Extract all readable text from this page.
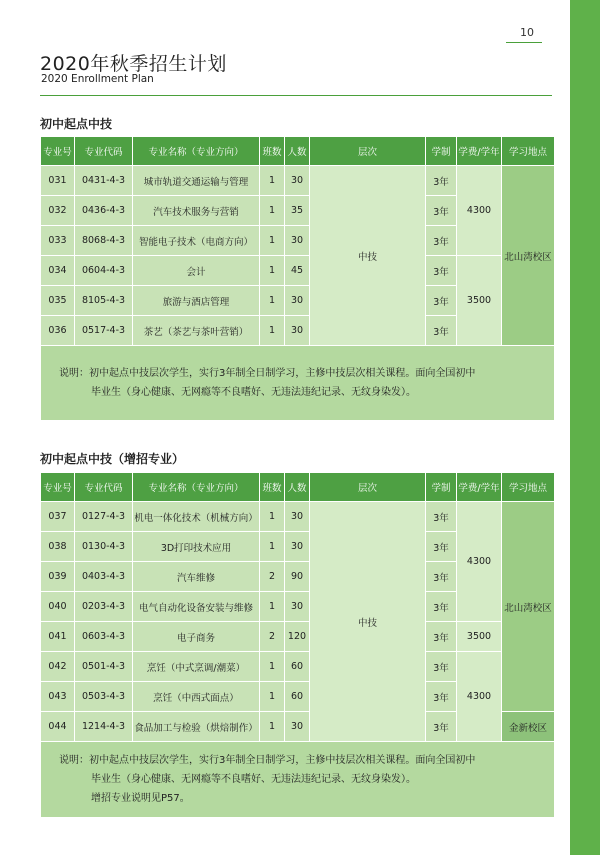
10
2020年秋季招生计划
2020 Enrollment Plan
初中起点中技
专业号	专业代码	专业名称（专业方向）	班数	人数	层次	学制	学费/学年	学习地点
031	0431-4-3	城市轨道交通运输与管理	1	30	中技	3年	4300	北山湾校区
032	0436-4-3	汽车技术服务与营销	1	35		3年		
033	8068-4-3	智能电子技术（电商方向）	1	30		3年		
034	0604-4-3	会计	1	45		3年	3500	
035	8105-4-3	旅游与酒店管理	1	30		3年		
036	0517-4-3	茶艺（茶艺与茶叶营销）	1	30		3年		

说明：初中起点中技层次学生，实行3年制全日制学习，主修中技层次相关课程。面向全国初中
毕业生（身心健康、无网瘾等不良嗜好、无违法违纪记录、无纹身染发）。								
初中起点中技（增招专业）
专业号	专业代码	专业名称（专业方向）	班数	人数	层次	学制	学费/学年	学习地点
037	0127-4-3	机电一体化技术（机械方向）	1	30	中技	3年	4300	北山湾校区
038	0130-4-3	3D打印技术应用	1	30		3年		
039	0403-4-3	汽车维修	2	90		3年		
040	0203-4-3	电气自动化设备安装与维修	1	30		3年		
041	0603-4-3	电子商务	2	120		3年	3500	
042	0501-4-3	烹饪（中式烹调/潮菜）	1	60		3年	4300	
043	0503-4-3	烹饪（中西式面点）	1	60		3年		
044	1214-4-3	食品加工与检验（烘焙制作）	1	30		3年		金新校区

说明：初中起点中技层次学生，实行3年制全日制学习，主修中技层次相关课程。面向全国初中
毕业生（身心健康、无网瘾等不良嗜好、无违法违纪记录、无纹身染发）。
增招专业说明见P57。								
